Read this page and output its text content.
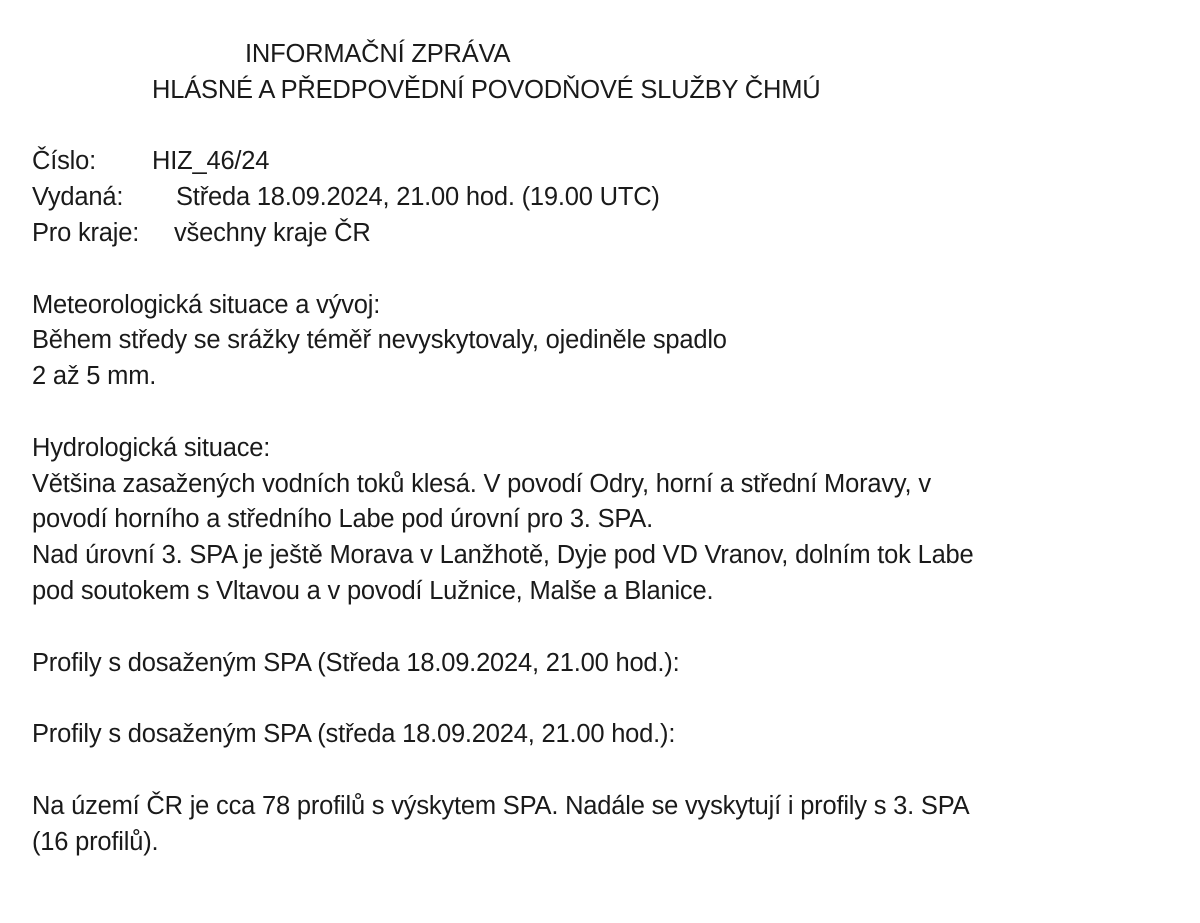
INFORMAČNÍ ZPRÁVA
HLÁSNÉ A PŘEDPOVĚDNÍ POVODŇOVÉ SLUŽBY ČHMÚ
Číslo: HIZ_46/24
Vydaná: Středa 18.09.2024, 21.00 hod. (19.00 UTC)
Pro kraje: všechny kraje ČR
Meteorologická situace a vývoj:
Během středy se srážky téměř nevyskytovaly, ojediněle spadlo
2 až 5 mm.
Hydrologická situace:
Většina zasažených vodních toků klesá. V povodí Odry, horní a střední Moravy, v
povodí horního a středního Labe pod úrovní pro 3. SPA.
Nad úrovní 3. SPA je ještě Morava v Lanžhotě, Dyje pod VD Vranov, dolním tok Labe
pod soutokem s Vltavou a v povodí Lužnice, Malše a Blanice.
Profily s dosaženým SPA (Středa 18.09.2024, 21.00 hod.):
Profily s dosaženým SPA (středa 18.09.2024, 21.00 hod.):
Na území ČR je cca 78 profilů s výskytem SPA. Nadále se vyskytují i profily s 3. SPA
(16 profilů).
